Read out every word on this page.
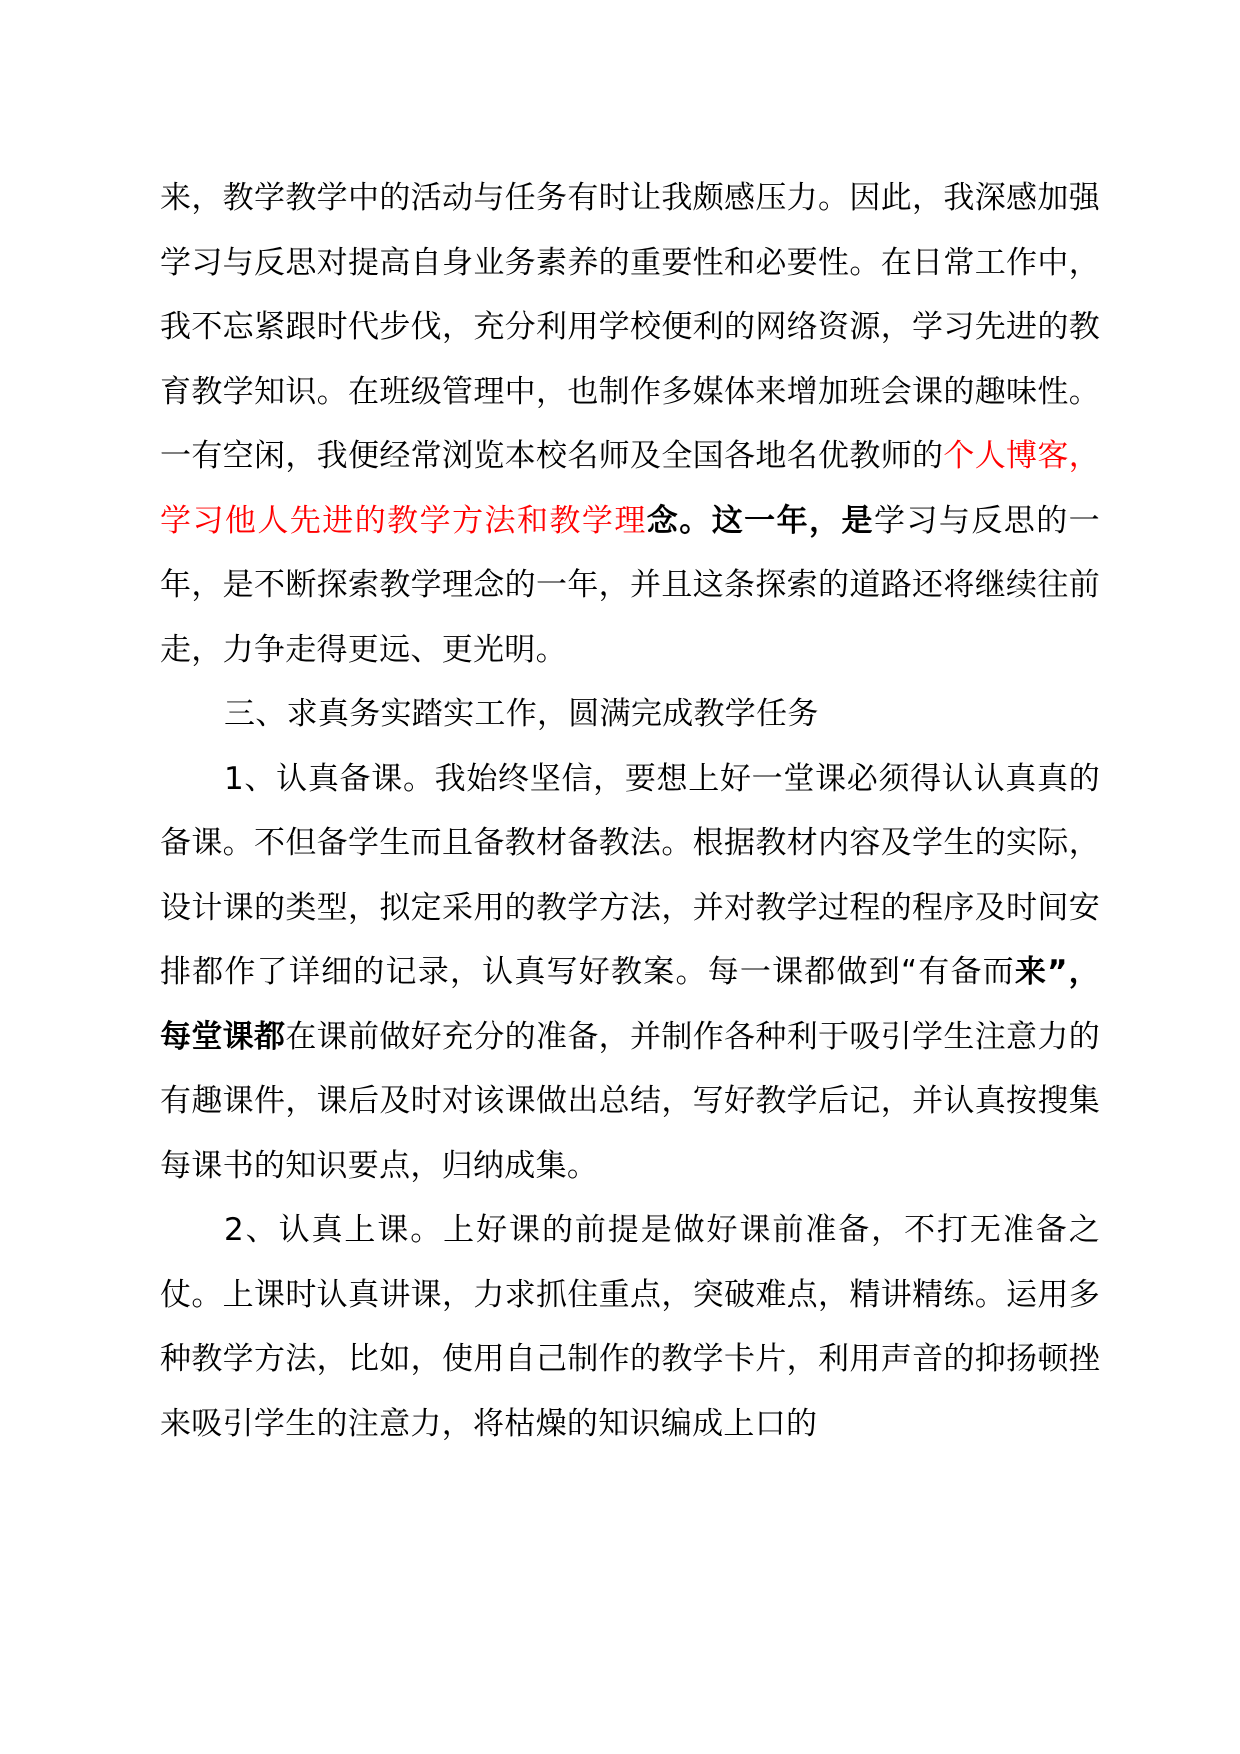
来，教学教学中的活动与任务有时让我颇感压力。因此，我深感加强学习与反思对提高自身业务素养的重要性和必要性。在日常工作中，我不忘紧跟时代步伐，充分利用学校便利的网络资源，学习先进的教育教学知识。在班级管理中，也制作多媒体来增加班会课的趣味性。一有空闲，我便经常浏览本校名师及全国各地名优教师的个人博客，学习他人先进的教学方法和教学理念。这一年，是学习与反思的一年，是不断探索教学理念的一年，并且这条探索的道路还将继续往前走，力争走得更远、更光明。

三、求真务实踏实工作，圆满完成教学任务

1、认真备课。我始终坚信，要想上好一堂课必须得认认真真的备课。不但备学生而且备教材备教法。根据教材内容及学生的实际，设计课的类型，拟定采用的教学方法，并对教学过程的程序及时间安排都作了详细的记录，认真写好教案。每一课都做到“有备而来”，每堂课都在课前做好充分的准备，并制作各种利于吸引学生注意力的有趣课件，课后及时对该课做出总结，写好教学后记，并认真按搜集每课书的知识要点，归纳成集。

2、认真上课。上好课的前提是做好课前准备，不打无准备之仗。上课时认真讲课，力求抓住重点，突破难点，精讲精练。运用多种教学方法，比如，使用自己制作的教学卡片，利用声音的抑扬顿挫来吸引学生的注意力，将枯燥的知识编成上口的
